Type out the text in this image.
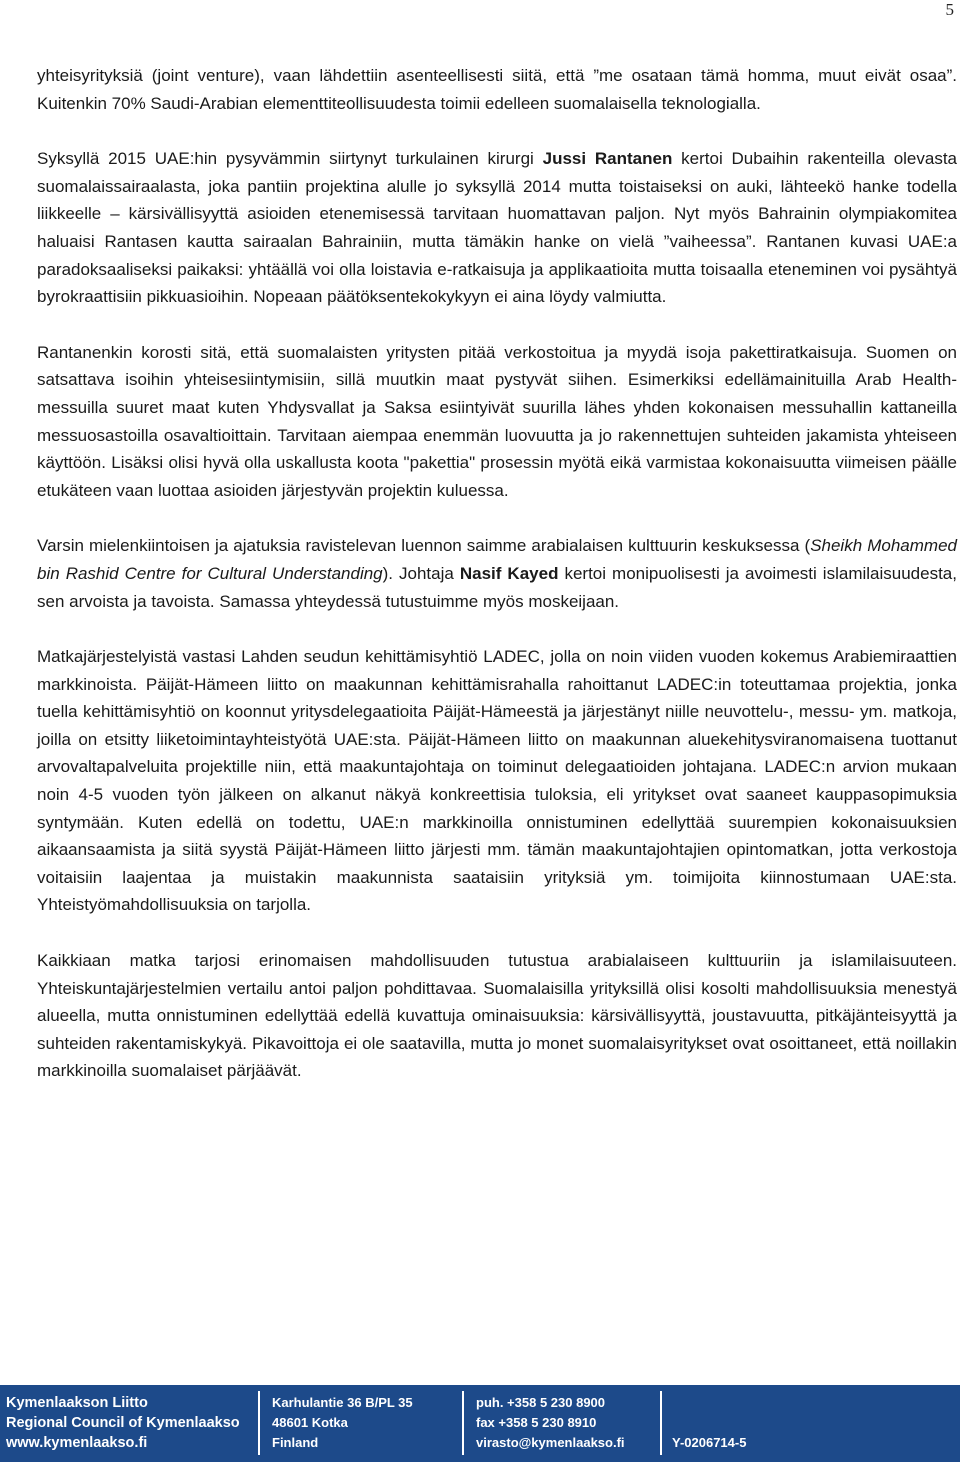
5

yhteisyrityksiä (joint venture), vaan lähdettiin asenteellisesti siitä, että ”me osataan tämä homma, muut eivät osaa”. Kuitenkin 70% Saudi-Arabian elementtiteollisuudesta toimii edelleen suomalaisella teknologialla.

Syksyllä 2015 UAE:hin pysyvämmin siirtynyt turkulainen kirurgi Jussi Rantanen kertoi Dubaihin rakenteilla olevasta suomalaissairaalasta, joka pantiin projektina alulle jo syksyllä 2014 mutta toistaiseksi on auki, lähteekö hanke todella liikkeelle – kärsivällisyyttä asioiden etenemisessä tarvitaan huomattavan paljon. Nyt myös Bahrainin olympiakomitea haluaisi Rantasen kautta sairaalan Bahrainiin, mutta tämäkin hanke on vielä ”vaiheessa”. Rantanen kuvasi UAE:a paradoksaaliseksi paikaksi: yhtäällä voi olla loistavia e-ratkaisuja ja applikaatioita mutta toisaalla eteneminen voi pysähtyä byrokraattisiin pikkuasioihin. Nopeaan päätöksentekokykyyn ei aina löydy valmiutta.

Rantanenkin korosti sitä, että suomalaisten yritysten pitää verkostoitua ja myydä isoja pakettiratkaisuja. Suomen on satsattava isoihin yhteisesiintymisiin, sillä muutkin maat pystyvät siihen. Esimerkiksi edellämainituilla Arab Health-messuilla suuret maat kuten Yhdysvallat ja Saksa esiintyivät suurilla lähes yhden kokonaisen messuhallin kattaneilla messuosastoilla osavaltioittain. Tarvitaan aiempaa enemmän luovuutta ja jo rakennettujen suhteiden jakamista yhteiseen käyttöön. Lisäksi olisi hyvä olla uskallusta koota "pakettia" prosessin myötä eikä varmistaa kokonaisuutta viimeisen päälle etukäteen vaan luottaa asioiden järjestyvän projektin kuluessa.

Varsin mielenkiintoisen ja ajatuksia ravistelevan luennon saimme arabialaisen kulttuurin keskuksessa (Sheikh Mohammed bin Rashid Centre for Cultural Understanding). Johtaja Nasif Kayed kertoi monipuolisesti ja avoimesti islamilaisuudesta, sen arvoista ja tavoista. Samassa yhteydessä tutustuimme myös moskeijaan.

Matkajärjestelyistä vastasi Lahden seudun kehittämisyhtiö LADEC, jolla on noin viiden vuoden kokemus Arabiemiraattien markkinoista. Päijät-Hämeen liitto on maakunnan kehittämisrahalla rahoittanut LADEC:in toteuttamaa projektia, jonka tuella kehittämisyhtiö on koonnut yritysdelegaatioita Päijät-Hämeestä ja järjestänyt niille neuvottelu-, messu- ym. matkoja, joilla on etsitty liiketoimintayhteistyötä UAE:sta. Päijät-Hämeen liitto on maakunnan aluekehitysviranomaisena tuottanut arvovaltapalveluita projektille niin, että maakuntajohtaja on toiminut delegaatioiden johtajana. LADEC:n arvion mukaan noin 4-5 vuoden työn jälkeen on alkanut näkyä konkreettisia tuloksia, eli yritykset ovat saaneet kauppasopimuksia syntymään. Kuten edellä on todettu, UAE:n markkinoilla onnistuminen edellyttää suurempien kokonaisuuksien aikaansaamista ja siitä syystä Päijät-Hämeen liitto järjesti mm. tämän maakuntajohtajien opintomatkan, jotta verkostoja voitaisiin laajentaa ja muistakin maakunnista saataisiin yrityksiä ym. toimijoita kiinnostumaan UAE:sta. Yhteistyömahdollisuuksia on tarjolla.

Kaikkiaan matka tarjosi erinomaisen mahdollisuuden tutustua arabialaiseen kulttuuriin ja islamilaisuuteen. Yhteiskuntajärjestelmien vertailu antoi paljon pohdittavaa. Suomalaisilla yrityksillä olisi kosolti mahdollisuuksia menestyä alueella, mutta onnistuminen edellyttää edellä kuvattuja ominaisuuksia: kärsivällisyyttä, joustavuutta, pitkäjänteisyyttä ja suhteiden rakentamiskykyä. Pikavoittoja ei ole saatavilla, mutta jo monet suomalaisyritykset ovat osoittaneet, että noillakin markkinoilla suomalaiset pärjäävät.

Kymenlaakson Liitto
Regional Council of Kymenlaakso
www.kymenlaakso.fi
Karhulantie 36 B/PL 35
48601 Kotka
Finland
puh. +358 5 230 8900
fax +358 5 230 8910
virasto@kymenlaakso.fi	Y-0206714-5
